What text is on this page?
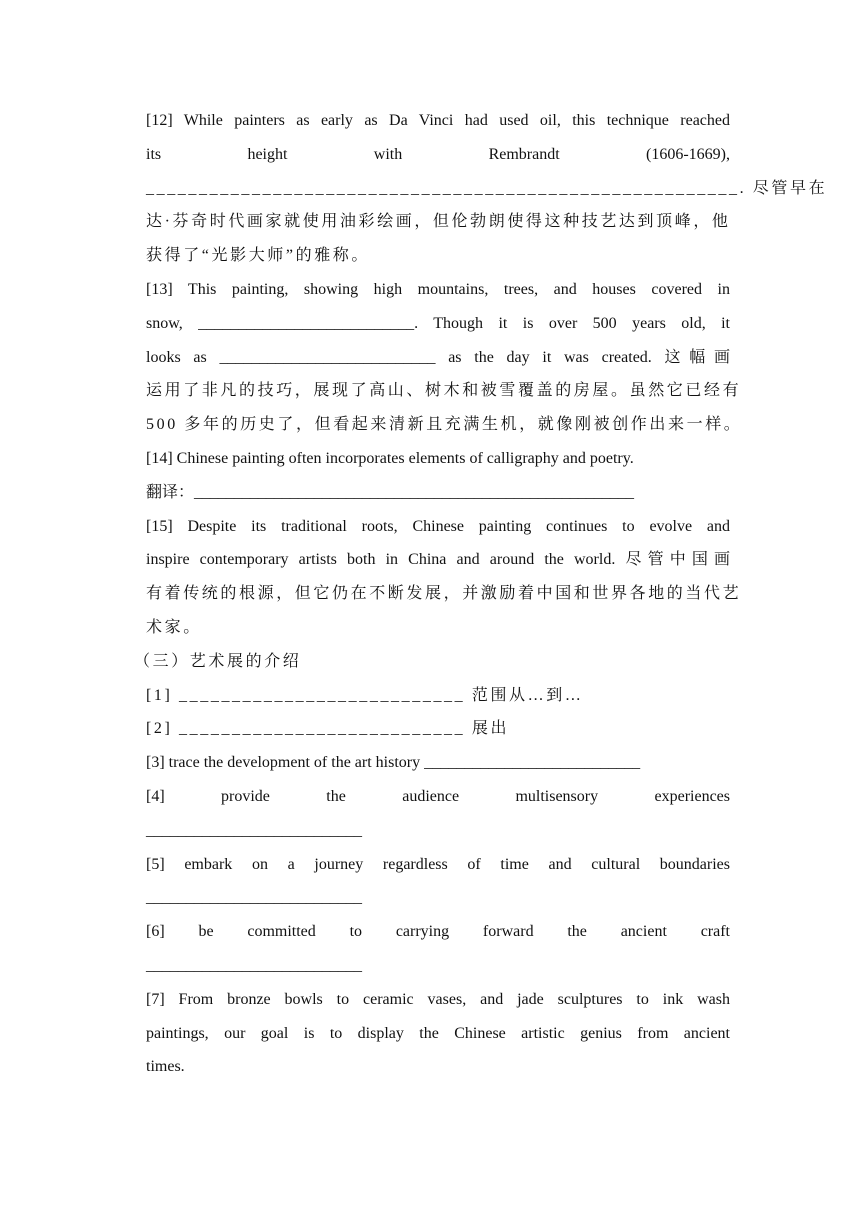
[12] While painters as early as Da Vinci had used oil, this technique reached
its height with Rembrandt (1606-1669),
________________________________________________________. 尽管早在
达·芬奇时代画家就使用油彩绘画，但伦勃朗使得这种技艺达到顶峰，他
获得了“光影大师”的雅称。
[13] This painting, showing high mountains, trees, and houses covered in
snow, ___________________________. Though it is over 500 years old, it
looks as ___________________________ as the day it was created. 这幅画
运用了非凡的技巧，展现了高山、树木和被雪覆盖的房屋。虽然它已经有
500 多年的历史了，但看起来清新且充满生机，就像刚被创作出来一样。
[14] Chinese painting often incorporates elements of calligraphy and poetry.
翻译：_______________________________________________________
[15] Despite its traditional roots, Chinese painting continues to evolve and
inspire contemporary artists both in China and around the world. 尽管中国画
有着传统的根源，但它仍在不断发展，并激励着中国和世界各地的当代艺
术家。
（三）艺术展的介绍
[1] ___________________________ 范围从…到…
[2] ___________________________ 展出
[3] trace the development of the art history ___________________________
[4] provide the audience multisensory experiences
___________________________
[5] embark on a journey regardless of time and cultural boundaries
___________________________
[6] be committed to carrying forward the ancient craft
___________________________
[7] From bronze bowls to ceramic vases, and jade sculptures to ink wash
paintings, our goal is to display the Chinese artistic genius from ancient
times.
